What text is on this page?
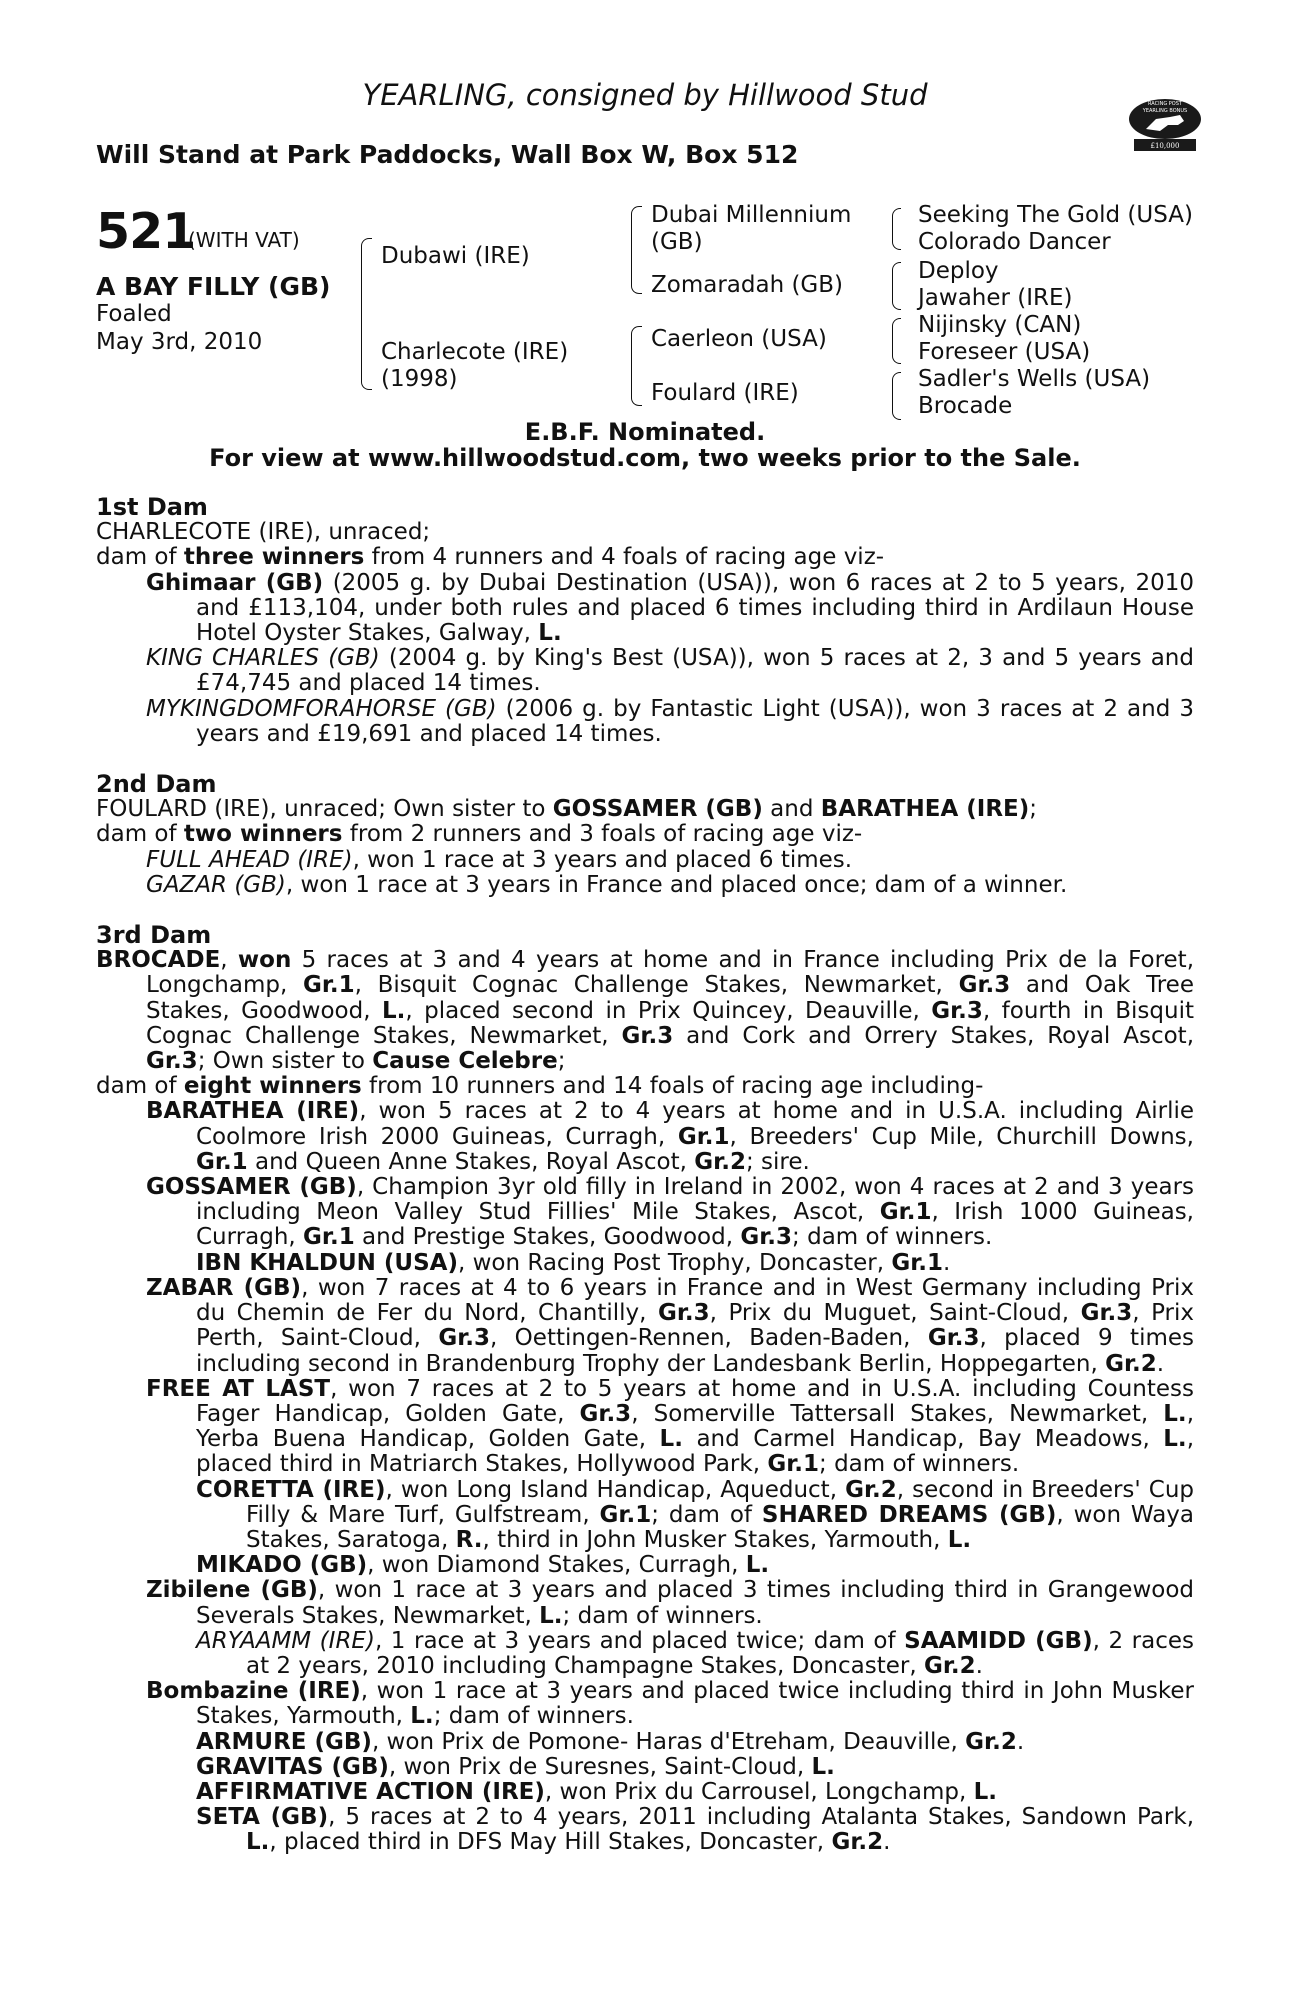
YEARLING, consigned by Hillwood Stud
Will Stand at Park Paddocks, Wall Box W, Box 512
RACING POST
YEARLING BONUS
£10,000
521
(WITH VAT)
A BAY FILLY (GB)
Foaled
May 3rd, 2010
Dubawi (IRE)
Charlecote (IRE)
(1998)
Dubai Millennium
(GB)
Zomaradah (GB)
Caerleon (USA)
Foulard (IRE)
Seeking The Gold (USA)
Colorado Dancer
Deploy
Jawaher (IRE)
Nijinsky (CAN)
Foreseer (USA)
Sadler's Wells (USA)
Brocade
E.B.F. Nominated.
For view at www.hillwoodstud.com, two weeks prior to the Sale.

1st Dam

CHARLECOTE (IRE), unraced;

dam of three winners from 4 runners and 4 foals of racing age viz-

Ghimaar (GB) (2005 g. by Dubai Destination (USA)), won 6 races at 2 to 5 years, 2010 and £113,104, under both rules and placed 6 times including third in Ardilaun House Hotel Oyster Stakes, Galway, L.

KING CHARLES (GB) (2004 g. by King's Best (USA)), won 5 races at 2, 3 and 5 years and £74,745 and placed 14 times.

MYKINGDOMFORAHORSE (GB) (2006 g. by Fantastic Light (USA)), won 3 races at 2 and 3 years and £19,691 and placed 14 times.

2nd Dam

FOULARD (IRE), unraced; Own sister to GOSSAMER (GB) and BARATHEA (IRE);

dam of two winners from 2 runners and 3 foals of racing age viz-

FULL AHEAD (IRE), won 1 race at 3 years and placed 6 times.

GAZAR (GB), won 1 race at 3 years in France and placed once; dam of a winner.

3rd Dam

BROCADE, won 5 races at 3 and 4 years at home and in France including Prix de la Foret, Longchamp, Gr.1, Bisquit Cognac Challenge Stakes, Newmarket, Gr.3 and Oak Tree Stakes, Goodwood, L., placed second in Prix Quincey, Deauville, Gr.3, fourth in Bisquit Cognac Challenge Stakes, Newmarket, Gr.3 and Cork and Orrery Stakes, Royal Ascot, Gr.3; Own sister to Cause Celebre;

dam of eight winners from 10 runners and 14 foals of racing age including-

BARATHEA (IRE), won 5 races at 2 to 4 years at home and in U.S.A. including Airlie Coolmore Irish 2000 Guineas, Curragh, Gr.1, Breeders' Cup Mile, Churchill Downs, Gr.1 and Queen Anne Stakes, Royal Ascot, Gr.2; sire.

GOSSAMER (GB), Champion 3yr old filly in Ireland in 2002, won 4 races at 2 and 3 years including Meon Valley Stud Fillies' Mile Stakes, Ascot, Gr.1, Irish 1000 Guineas, Curragh, Gr.1 and Prestige Stakes, Goodwood, Gr.3; dam of winners.

IBN KHALDUN (USA), won Racing Post Trophy, Doncaster, Gr.1.

ZABAR (GB), won 7 races at 4 to 6 years in France and in West Germany including Prix du Chemin de Fer du Nord, Chantilly, Gr.3, Prix du Muguet, Saint-Cloud, Gr.3, Prix Perth, Saint-Cloud, Gr.3, Oettingen-Rennen, Baden-Baden, Gr.3, placed 9 times including second in Brandenburg Trophy der Landesbank Berlin, Hoppegarten, Gr.2.

FREE AT LAST, won 7 races at 2 to 5 years at home and in U.S.A. including Countess Fager Handicap, Golden Gate, Gr.3, Somerville Tattersall Stakes, Newmarket, L., Yerba Buena Handicap, Golden Gate, L. and Carmel Handicap, Bay Meadows, L., placed third in Matriarch Stakes, Hollywood Park, Gr.1; dam of winners.

CORETTA (IRE), won Long Island Handicap, Aqueduct, Gr.2, second in Breeders' Cup Filly & Mare Turf, Gulfstream, Gr.1; dam of SHARED DREAMS (GB), won Waya Stakes, Saratoga, R., third in John Musker Stakes, Yarmouth, L.

MIKADO (GB), won Diamond Stakes, Curragh, L.

Zibilene (GB), won 1 race at 3 years and placed 3 times including third in Grangewood Severals Stakes, Newmarket, L.; dam of winners.

ARYAAMM (IRE), 1 race at 3 years and placed twice; dam of SAAMIDD (GB), 2 races at 2 years, 2010 including Champagne Stakes, Doncaster, Gr.2.

Bombazine (IRE), won 1 race at 3 years and placed twice including third in John Musker Stakes, Yarmouth, L.; dam of winners.

ARMURE (GB), won Prix de Pomone- Haras d'Etreham, Deauville, Gr.2.

GRAVITAS (GB), won Prix de Suresnes, Saint-Cloud, L.

AFFIRMATIVE ACTION (IRE), won Prix du Carrousel, Longchamp, L.

SETA (GB), 5 races at 2 to 4 years, 2011 including Atalanta Stakes, Sandown Park, L., placed third in DFS May Hill Stakes, Doncaster, Gr.2.
